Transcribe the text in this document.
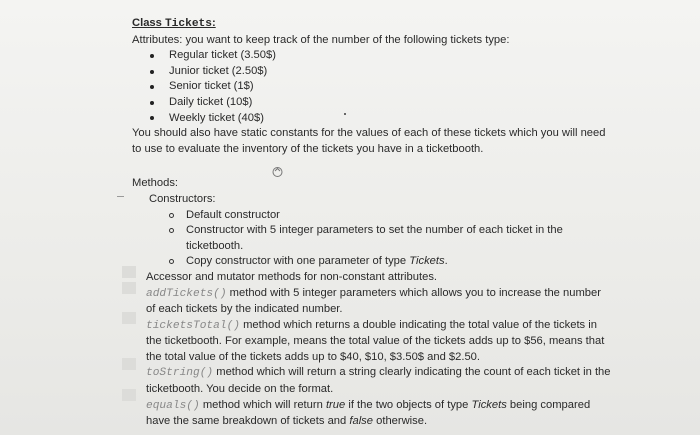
Class Tickets:
Attributes: you want to keep track of the number of the following tickets type:
Regular ticket (3.50$)
Junior ticket (2.50$)
Senior ticket (1$)
Daily ticket (10$)
Weekly ticket (40$)
You should also have static constants for the values of each of these tickets which you will need to use to evaluate the inventory of the tickets you have in a ticketbooth.
Methods:
Constructors:
Default constructor
Constructor with 5 integer parameters to set the number of each ticket in the ticketbooth.
Copy constructor with one parameter of type Tickets.
Accessor and mutator methods for non-constant attributes.
addTickets() method with 5 integer parameters which allows you to increase the number of each tickets by the indicated number.
ticketsTotal() method which returns a double indicating the total value of the tickets in the ticketbooth. For example, means the total value of the tickets adds up to $56, means that the total value of the tickets adds up to $40, $10, $3.50$ and $2.50.
toString() method which will return a string clearly indicating the count of each ticket in the ticketbooth. You decide on the format.
equals() method which will return true if the two objects of type Tickets being compared have the same breakdown of tickets and false otherwise.
